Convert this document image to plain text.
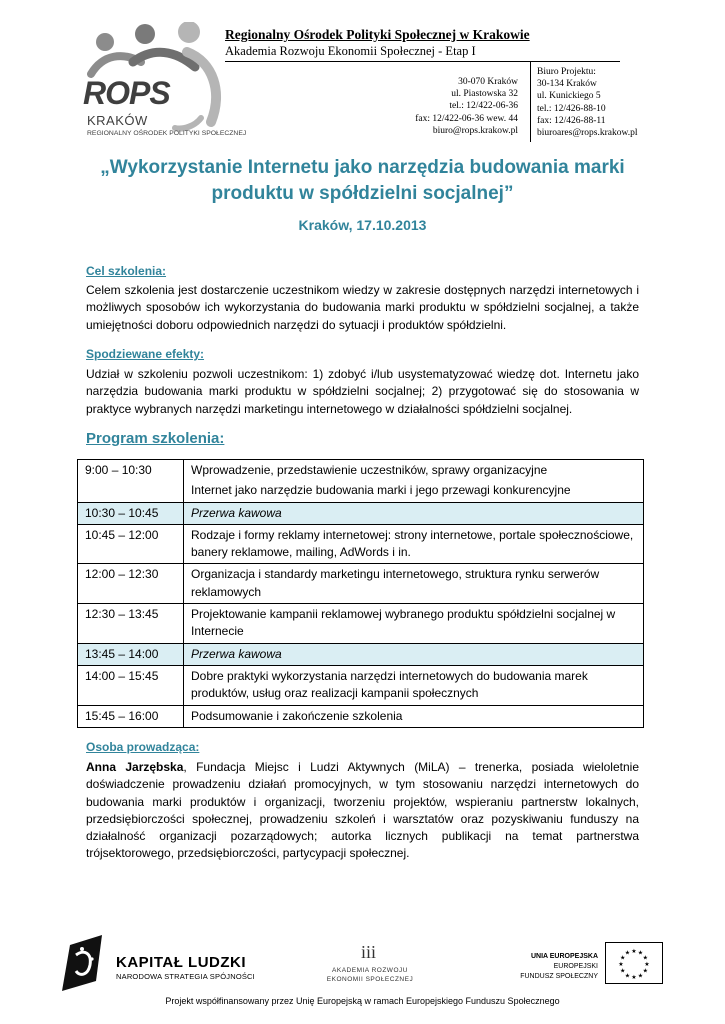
ROPS
KRAKÓW
REGIONALNY OŚRODEK POLITYKI SPOŁECZNEJ
Regionalny Ośrodek Polityki Społecznej w Krakowie
Akademia Rozwoju Ekonomii Społecznej - Etap I
30-070 Kraków
ul. Piastowska 32
tel.: 12/422-06-36
fax: 12/422-06-36 wew. 44
biuro@rops.krakow.pl
Biuro Projektu:
30-134 Kraków
ul. Kunickiego 5
tel.: 12/426-88-10
fax: 12/426-88-11
biuroares@rops.krakow.pl
„Wykorzystanie Internetu jako narzędzia budowania marki produktu w spółdzielni socjalnej”
Kraków, 17.10.2013
Cel szkolenia:
Celem szkolenia jest dostarczenie uczestnikom wiedzy w zakresie dostępnych narzędzi internetowych i możliwych sposobów ich wykorzystania do budowania marki produktu w spółdzielni socjalnej, a także umiejętności doboru odpowiednich narzędzi do sytuacji i produktów spółdzielni.
Spodziewane efekty:
Udział w szkoleniu pozwoli uczestnikom: 1) zdobyć i/lub usystematyzować wiedzę dot. Internetu jako narzędzia budowania marki produktu w spółdzielni socjalnej; 2) przygotować się do stosowania w praktyce wybranych narzędzi marketingu internetowego w działalności spółdzielni socjalnej.
Program szkolenia:
9:00 – 10:30	Wprowadzenie, przedstawienie uczestników, sprawy organizacyjne
Internet jako narzędzie budowania marki i jego przewagi konkurencyjne

10:30 – 10:45	Przerwa kawowa

10:45 – 12:00	Rodzaje i formy reklamy internetowej: strony internetowe, portale społecznościowe, banery reklamowe, mailing, AdWords i in.

12:00 – 12:30	Organizacja i standardy marketingu internetowego, struktura rynku serwerów reklamowych

12:30 – 13:45	Projektowanie kampanii reklamowej wybranego produktu spółdzielni socjalnej w Internecie

13:45 – 14:00	Przerwa kawowa

14:00 – 15:45	Dobre praktyki wykorzystania narzędzi internetowych do budowania marek produktów, usług oraz realizacji kampanii społecznych

15:45 – 16:00	Podsumowanie i zakończenie szkolenia
Osoba prowadząca:
Anna Jarzębska, Fundacja Miejsc i Ludzi Aktywnych (MiLA) – trenerka, posiada wieloletnie doświadczenie prowadzeniu działań promocyjnych, w tym stosowaniu narzędzi internetowych do budowania marki produktów i organizacji, tworzeniu projektów, wspieraniu partnerstw lokalnych, przedsiębiorczości społecznej, prowadzeniu szkoleń i warsztatów oraz pozyskiwaniu funduszy na działalność organizacji pozarządowych; autorka licznych publikacji na temat partnerstwa trójsektorowego, przedsiębiorczości, partycypacji społecznej.
KAPITAŁ LUDZKI
NARODOWA STRATEGIA SPÓJNOŚCI
iii
AKADEMIA ROZWOJU
EKONOMII SPOŁECZNEJ
UNIA EUROPEJSKA
EUROPEJSKI
FUNDUSZ SPOŁECZNY
★
★
★
★
★
★
★
★
★ ★ ★
★
Projekt współfinansowany przez Unię Europejską w ramach Europejskiego Funduszu Społecznego
